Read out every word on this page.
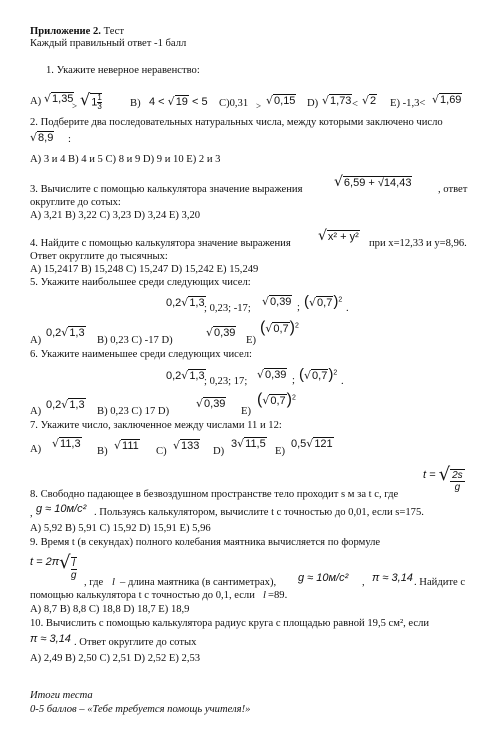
Приложение 2. Тест
Каждый правильный ответ -1 балл
1. Укажите неверное неравенство:
А) √1,35
> $√1 \frac{1}{3}$	В) 4 < √19 < 5 С)0,31 > √0,15 D) √1,73 < √2 Е) -1,3< √1,69
2. Подберите два последовательных натуральных числа, между которыми заключено число
√8,9 :
А) 3 и 4 В) 4 и 5 С) 8 и 9 D) 9 и 10 Е) 2 и 3
3. Вычислите с помощью калькулятора значение выражения √6,59 + √14,43
, ответ
округлите до сотых:
А) 3,21 В) 3,22 С) 3,23 D) 3,24 Е) 3,20
4. Найдите с помощью калькулятора значение выражения √x² + y²
при x=12,33 и y=8,96.
Ответ округлите до тысячных:
А) 15,2417 В) 15,248 С) 15,247 D) 15,242 Е) 15,249
5. Укажите наибольшее среди следующих чисел:
0,2√1,3 ; 0,23; -17;
√0,39 ; $(√0,7)^2$
.
А)
0,2√1,3
В) 0,23 С) -17 D)
√0,39
Е)
$(√0,7)^2$
6. Укажите наименьшее среди следующих чисел:
0,2√1,3 ; 0,23; 17;
√0,39 ; $(√0,7)^2$
.
А)
0,2√1,3
В) 0,23 С) 17 D)
√0,39
Е)
$(√0,7)^2$
7. Укажите число, заключенное между числами 11 и 12:
А) √11,3
В) √111 С) √133 D)
3√11,5
Е)
0,5√121
t = √ $\frac{2s}{g}$
8. Свободно падающее в безвоздушном пространстве тело проходит s м за t с, где
, g ≈ 10м/с² . Пользуясь калькулятором, вычислите t с точностью до 0,01, если s=175.
А) 5,92 В) 5,91 С) 15,92 D) 15,91 Е) 5,96
9. Время t (в секундах) полного колебания маятника вычисляется по формуле
$t = 2\pi√ \frac{l}{g}$
, где l – длина маятника (в сантиметрах), g ≈ 10м/с² , π ≈ 3,14 . Найдите с
помощью калькулятора t с точностью до 0,1, если l =89.
А) 8,7 В) 8,8 С) 18,8 D) 18,7 Е) 18,9
10. Вычислить с помощью калькулятора радиус круга с площадью равной 19,5 см², если
π ≈ 3,14 . Ответ округлите до сотых
А) 2,49 В) 2,50 С) 2,51 D) 2,52 Е) 2,53
Итоги теста
0-5 баллов – «Тебе требуется помощь учителя!»
